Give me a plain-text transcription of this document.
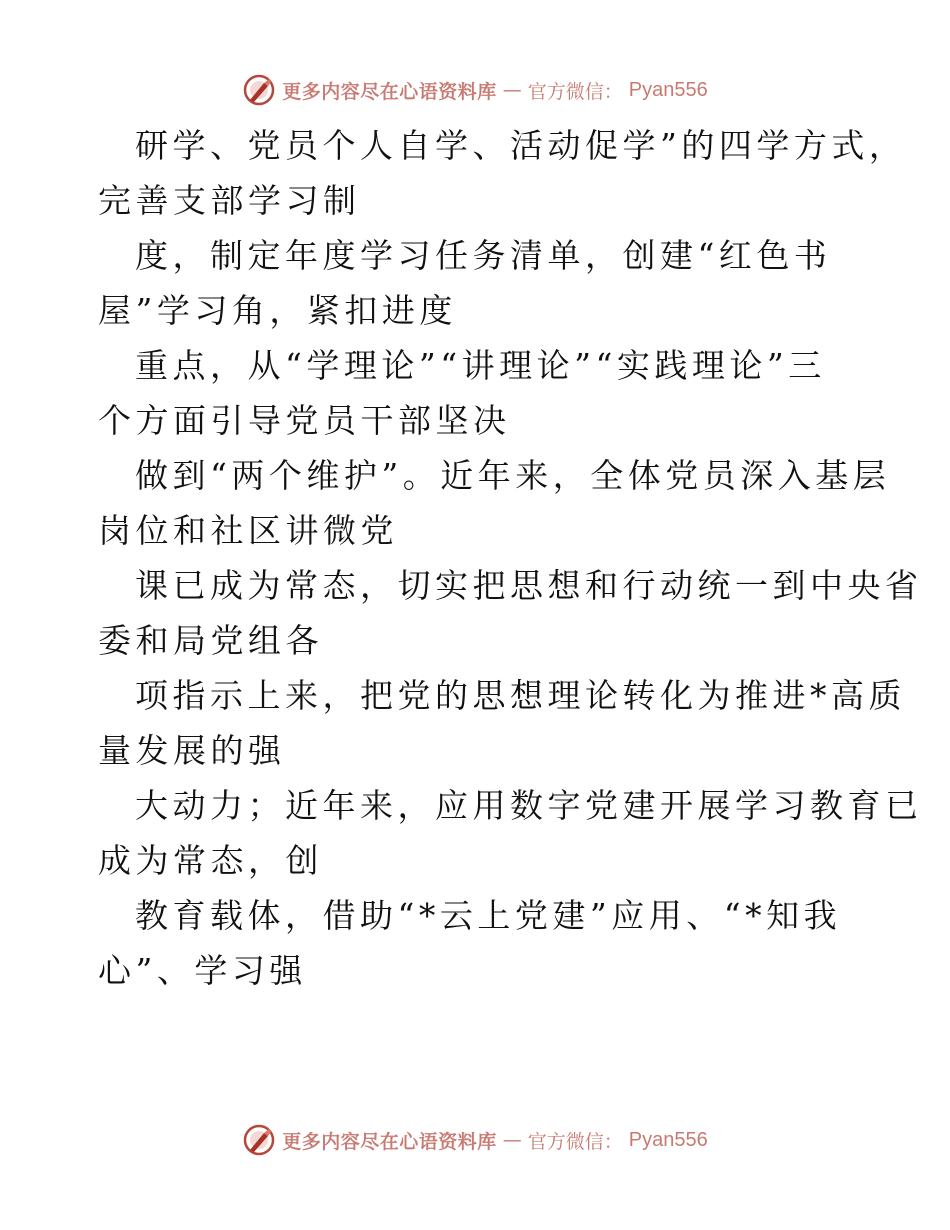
更多内容尽在心语资料库 — 官方微信： Pyan556
研学、党员个人自学、活动促学”的四学方式，
完善支部学习制
度，制定年度学习任务清单，创建“红色书
屋”学习角，紧扣进度
重点，从“学理论”“讲理论”“实践理论”三
个方面引导党员干部坚决
做到“两个维护”。近年来，全体党员深入基层
岗位和社区讲微党
课已成为常态，切实把思想和行动统一到中央省
委和局党组各
项指示上来，把党的思想理论转化为推进*高质
量发展的强
大动力；近年来，应用数字党建开展学习教育已
成为常态，创
教育载体，借助“*云上党建”应用、“*知我
心”、学习强
更多内容尽在心语资料库 — 官方微信： Pyan556
